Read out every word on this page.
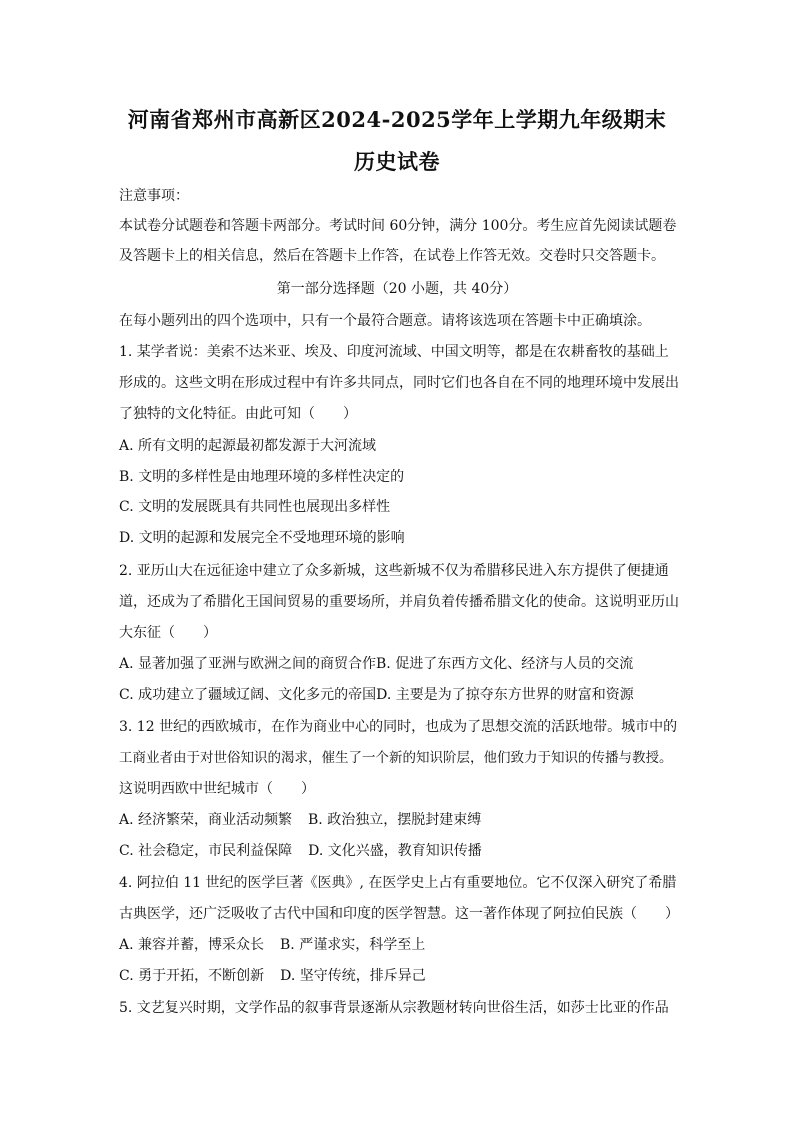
河南省郑州市高新区2024-2025学年上学期九年级期末
历史试卷
注意事项：
本试卷分试题卷和答题卡两部分。考试时间 60分钟，满分 100分。考生应首先阅读试题卷
及答题卡上的相关信息，然后在答题卡上作答，在试卷上作答无效。交卷时只交答题卡。
第一部分选择题（20 小题，共 40分）
在每小题列出的四个选项中，只有一个最符合题意。请将该选项在答题卡中正确填涂。
1. 某学者说：美索不达米亚、埃及、印度河流域、中国文明等，都是在农耕畜牧的基础上
形成的。这些文明在形成过程中有许多共同点，同时它们也各自在不同的地理环境中发展出
了独特的文化特征。由此可知（　　）
A. 所有文明的起源最初都发源于大河流域
B. 文明的多样性是由地理环境的多样性决定的
C. 文明的发展既具有共同性也展现出多样性
D. 文明的起源和发展完全不受地理环境的影响
2. 亚历山大在远征途中建立了众多新城，这些新城不仅为希腊移民进入东方提供了便捷通
道，还成为了希腊化王国间贸易的重要场所，并肩负着传播希腊文化的使命。这说明亚历山
大东征（　　）
A. 显著加强了亚洲与欧洲之间的商贸合作B. 促进了东西方文化、经济与人员的交流
C. 成功建立了疆域辽阔、文化多元的帝国D. 主要是为了掠夺东方世界的财富和资源
3. 12 世纪的西欧城市，在作为商业中心的同时，也成为了思想交流的活跃地带。城市中的
工商业者由于对世俗知识的渴求，催生了一个新的知识阶层，他们致力于知识的传播与教授。
这说明西欧中世纪城市（　　）
A. 经济繁荣，商业活动频繁 B. 政治独立，摆脱封建束缚
C. 社会稳定，市民利益保障 D. 文化兴盛，教育知识传播
4. 阿拉伯 11 世纪的医学巨著《医典》, 在医学史上占有重要地位。它不仅深入研究了希腊
古典医学，还广泛吸收了古代中国和印度的医学智慧。这一著作体现了阿拉伯民族（　　）
A. 兼容并蓄，博采众长 B. 严谨求实，科学至上
C. 勇于开拓，不断创新 D. 坚守传统，排斥异己
5. 文艺复兴时期，文学作品的叙事背景逐渐从宗教题材转向世俗生活，如莎士比亚的作品
